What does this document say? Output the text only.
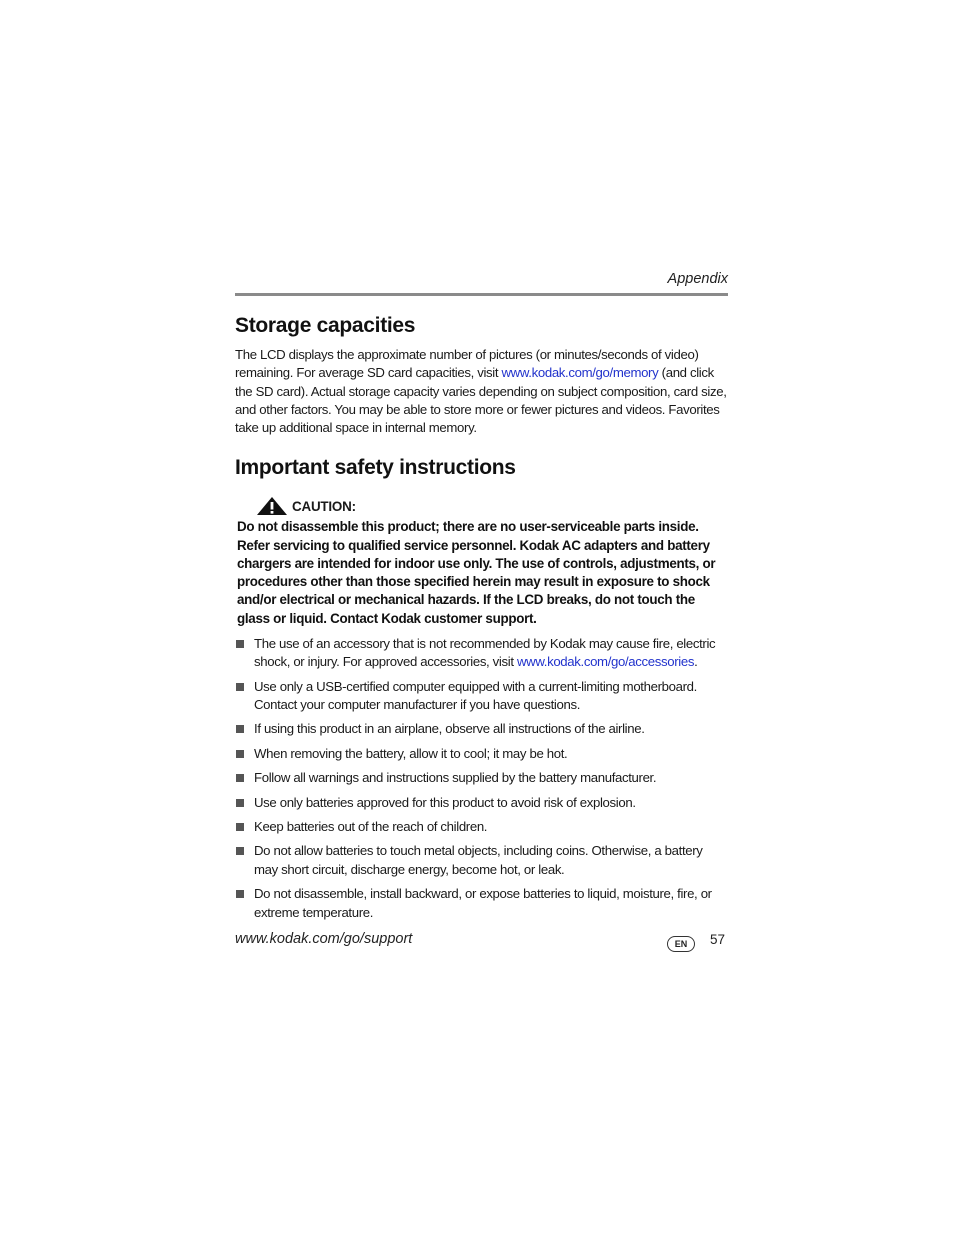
Appendix
Storage capacities
The LCD displays the approximate number of pictures (or minutes/seconds of video) remaining. For average SD card capacities, visit www.kodak.com/go/memory (and click the SD card). Actual storage capacity varies depending on subject composition, card size, and other factors. You may be able to store more or fewer pictures and videos. Favorites take up additional space in internal memory.
Important safety instructions
CAUTION:
Do not disassemble this product; there are no user-serviceable parts inside. Refer servicing to qualified service personnel. Kodak AC adapters and battery chargers are intended for indoor use only. The use of controls, adjustments, or procedures other than those specified herein may result in exposure to shock and/or electrical or mechanical hazards. If the LCD breaks, do not touch the glass or liquid. Contact Kodak customer support.
The use of an accessory that is not recommended by Kodak may cause fire, electric shock, or injury. For approved accessories, visit www.kodak.com/go/accessories.
Use only a USB-certified computer equipped with a current-limiting motherboard. Contact your computer manufacturer if you have questions.
If using this product in an airplane, observe all instructions of the airline.
When removing the battery, allow it to cool; it may be hot.
Follow all warnings and instructions supplied by the battery manufacturer.
Use only batteries approved for this product to avoid risk of explosion.
Keep batteries out of the reach of children.
Do not allow batteries to touch metal objects, including coins. Otherwise, a battery may short circuit, discharge energy, become hot, or leak.
Do not disassemble, install backward, or expose batteries to liquid, moisture, fire, or extreme temperature.
www.kodak.com/go/support	EN	57
